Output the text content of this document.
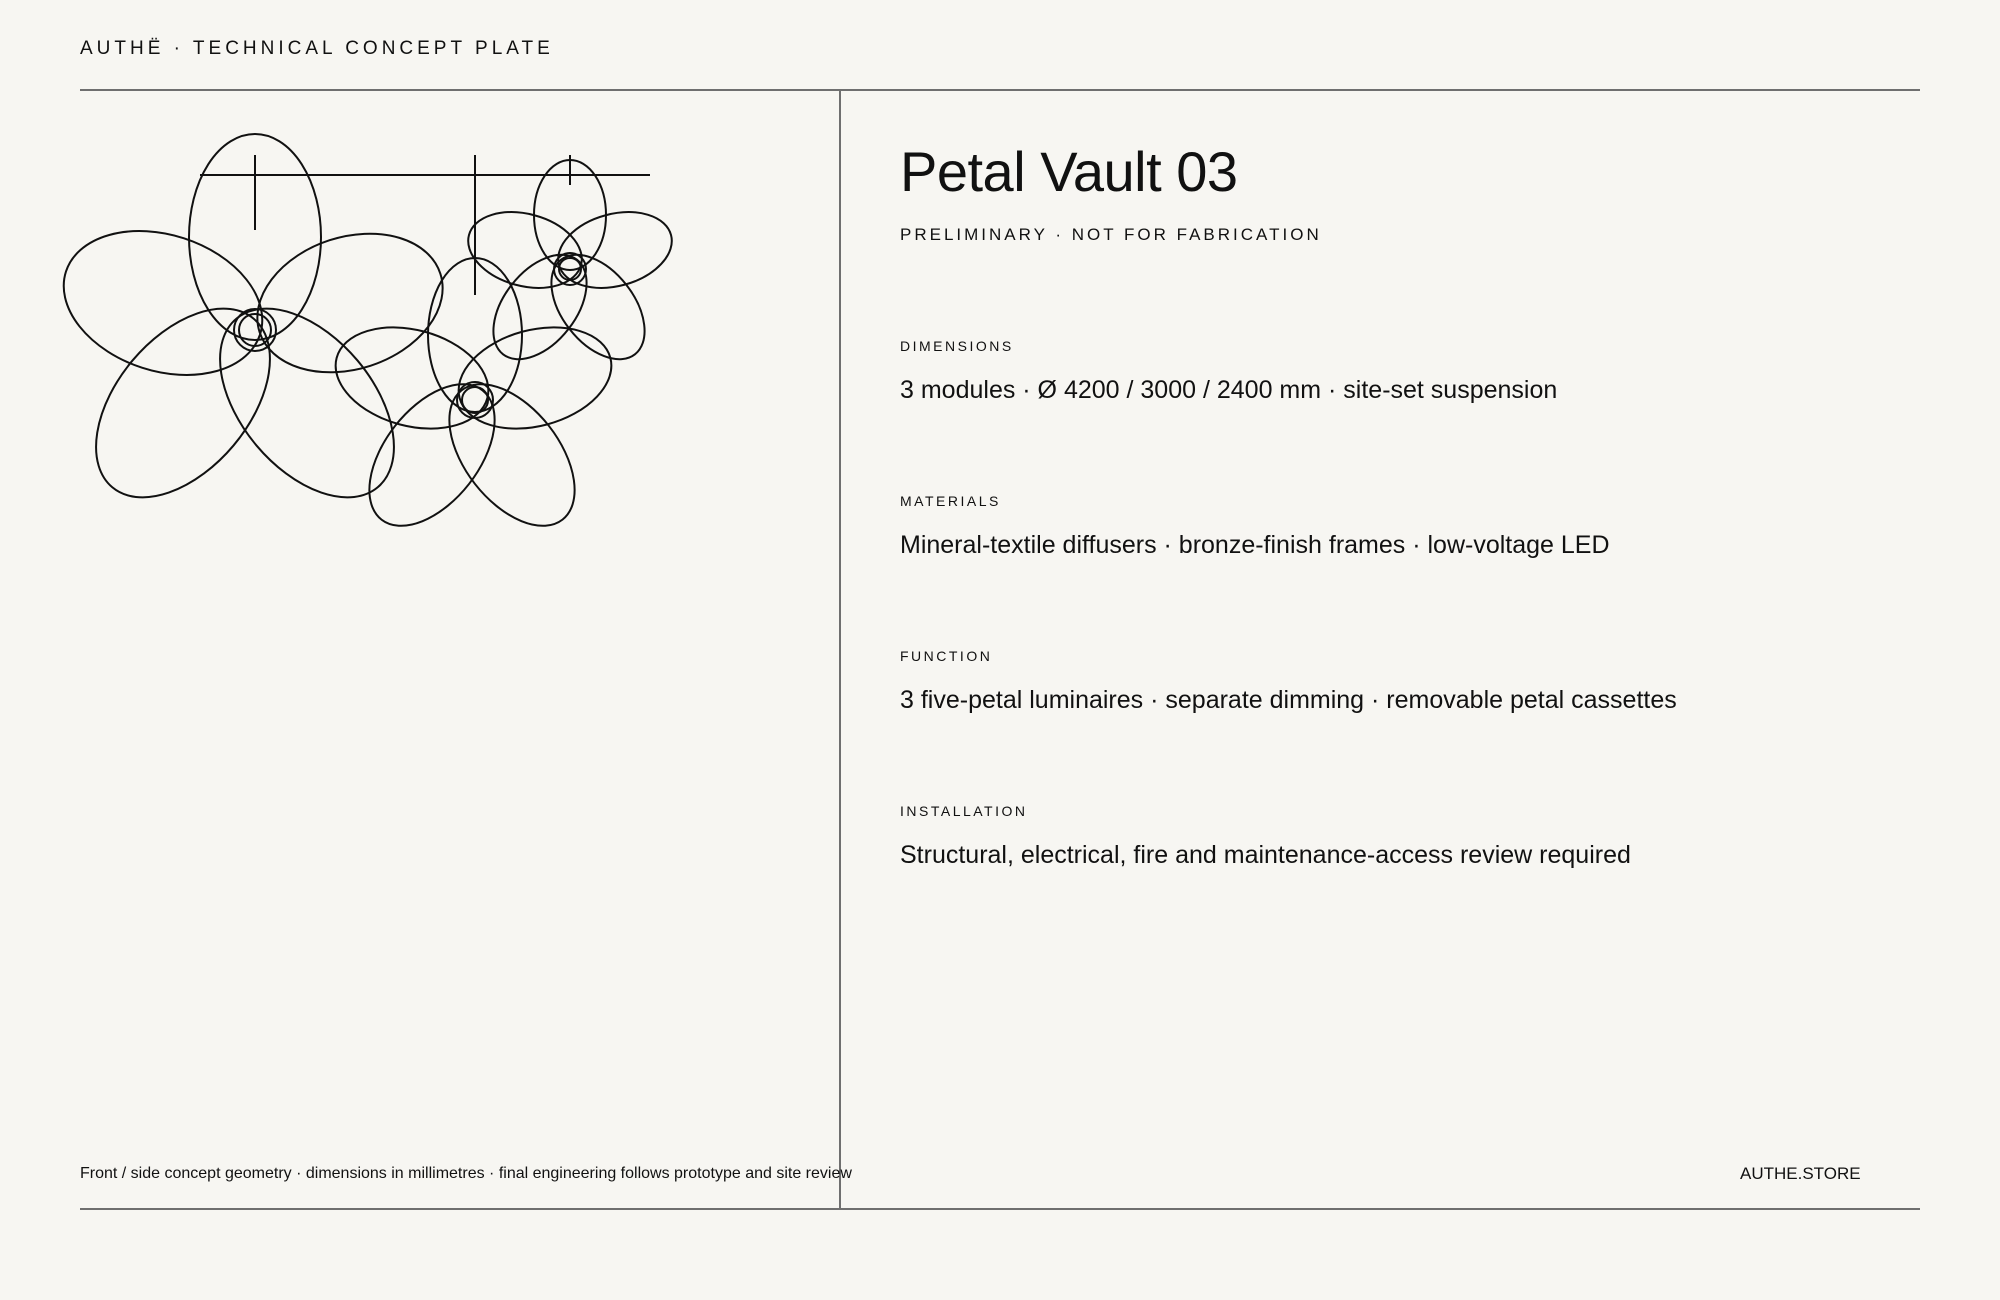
AUTHË · TECHNICAL CONCEPT PLATE
Petal Vault 03
PRELIMINARY · NOT FOR FABRICATION
DIMENSIONS
3 modules · Ø 4200 / 3000 / 2400 mm · site-set suspension
MATERIALS
Mineral-textile diffusers · bronze-finish frames · low-voltage LED
FUNCTION
3 five-petal luminaires · separate dimming · removable petal cassettes
INSTALLATION
Structural, electrical, fire and maintenance-access review required
Front / side concept geometry · dimensions in millimetres · final engineering follows prototype and site review	AUTHE.STORE
